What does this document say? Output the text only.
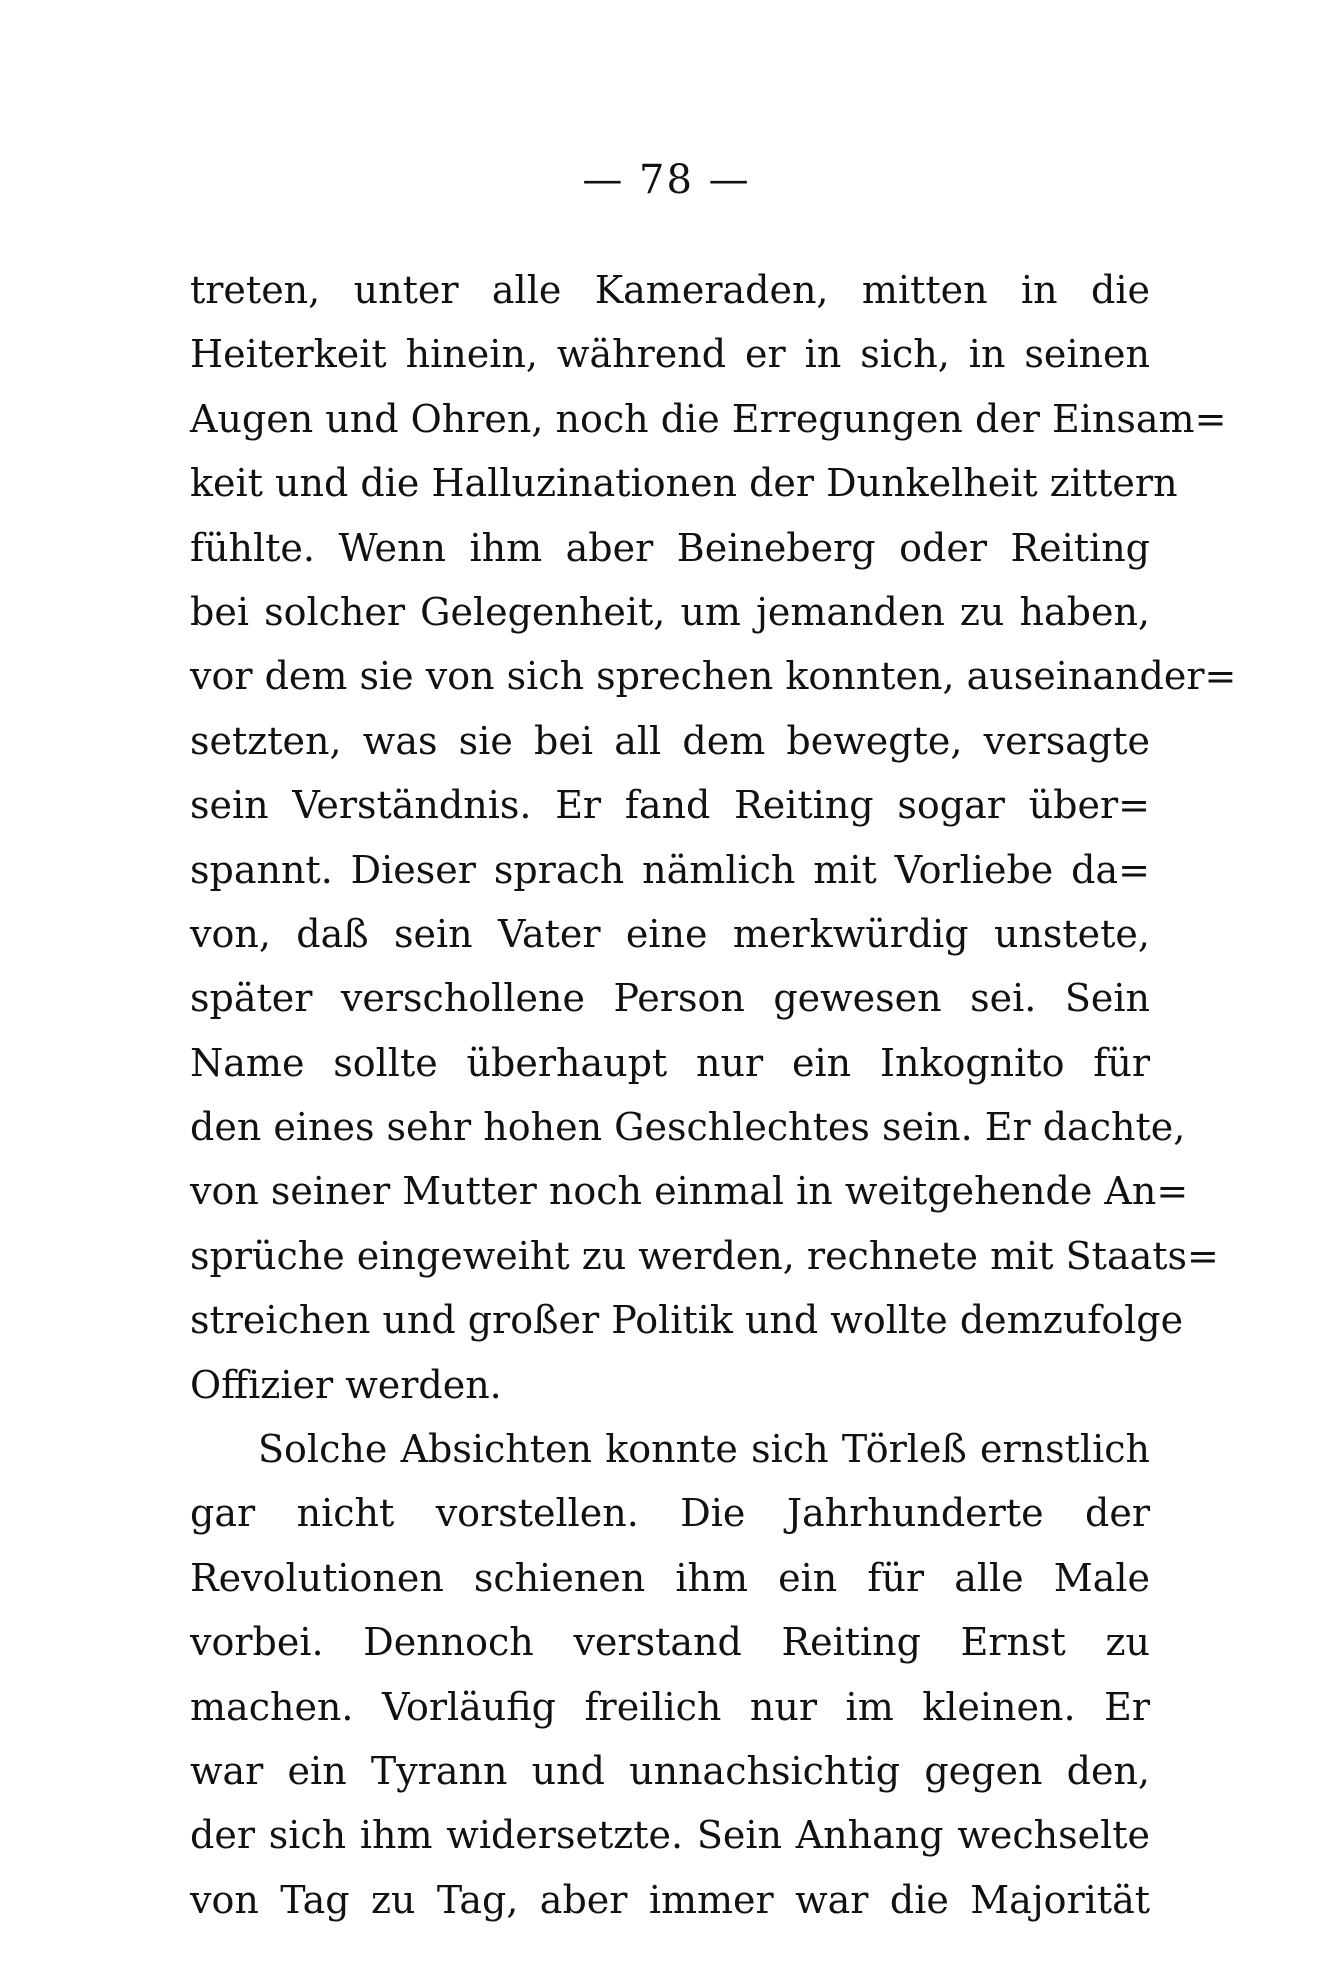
— 78 —
treten, unter alle Kameraden, mitten in die
Heiterkeit hinein, während er in sich, in seinen
Augen und Ohren, noch die Erregungen der Einsam=
keit und die Halluzinationen der Dunkelheit zittern
fühlte. Wenn ihm aber Beineberg oder Reiting
bei solcher Gelegenheit, um jemanden zu haben,
vor dem sie von sich sprechen konnten, auseinander=
setzten, was sie bei all dem bewegte, versagte
sein Verständnis. Er fand Reiting sogar über=
spannt. Dieser sprach nämlich mit Vorliebe da=
von, daß sein Vater eine merkwürdig unstete,
später verschollene Person gewesen sei. Sein
Name sollte überhaupt nur ein Inkognito für
den eines sehr hohen Geschlechtes sein. Er dachte,
von seiner Mutter noch einmal in weitgehende An=
sprüche eingeweiht zu werden, rechnete mit Staats=
streichen und großer Politik und wollte demzufolge
Offizier werden.
Solche Absichten konnte sich Törleß ernstlich
gar nicht vorstellen. Die Jahrhunderte der
Revolutionen schienen ihm ein für alle Male
vorbei. Dennoch verstand Reiting Ernst zu
machen. Vorläufig freilich nur im kleinen. Er
war ein Tyrann und unnachsichtig gegen den,
der sich ihm widersetzte. Sein Anhang wechselte
von Tag zu Tag, aber immer war die Majorität
